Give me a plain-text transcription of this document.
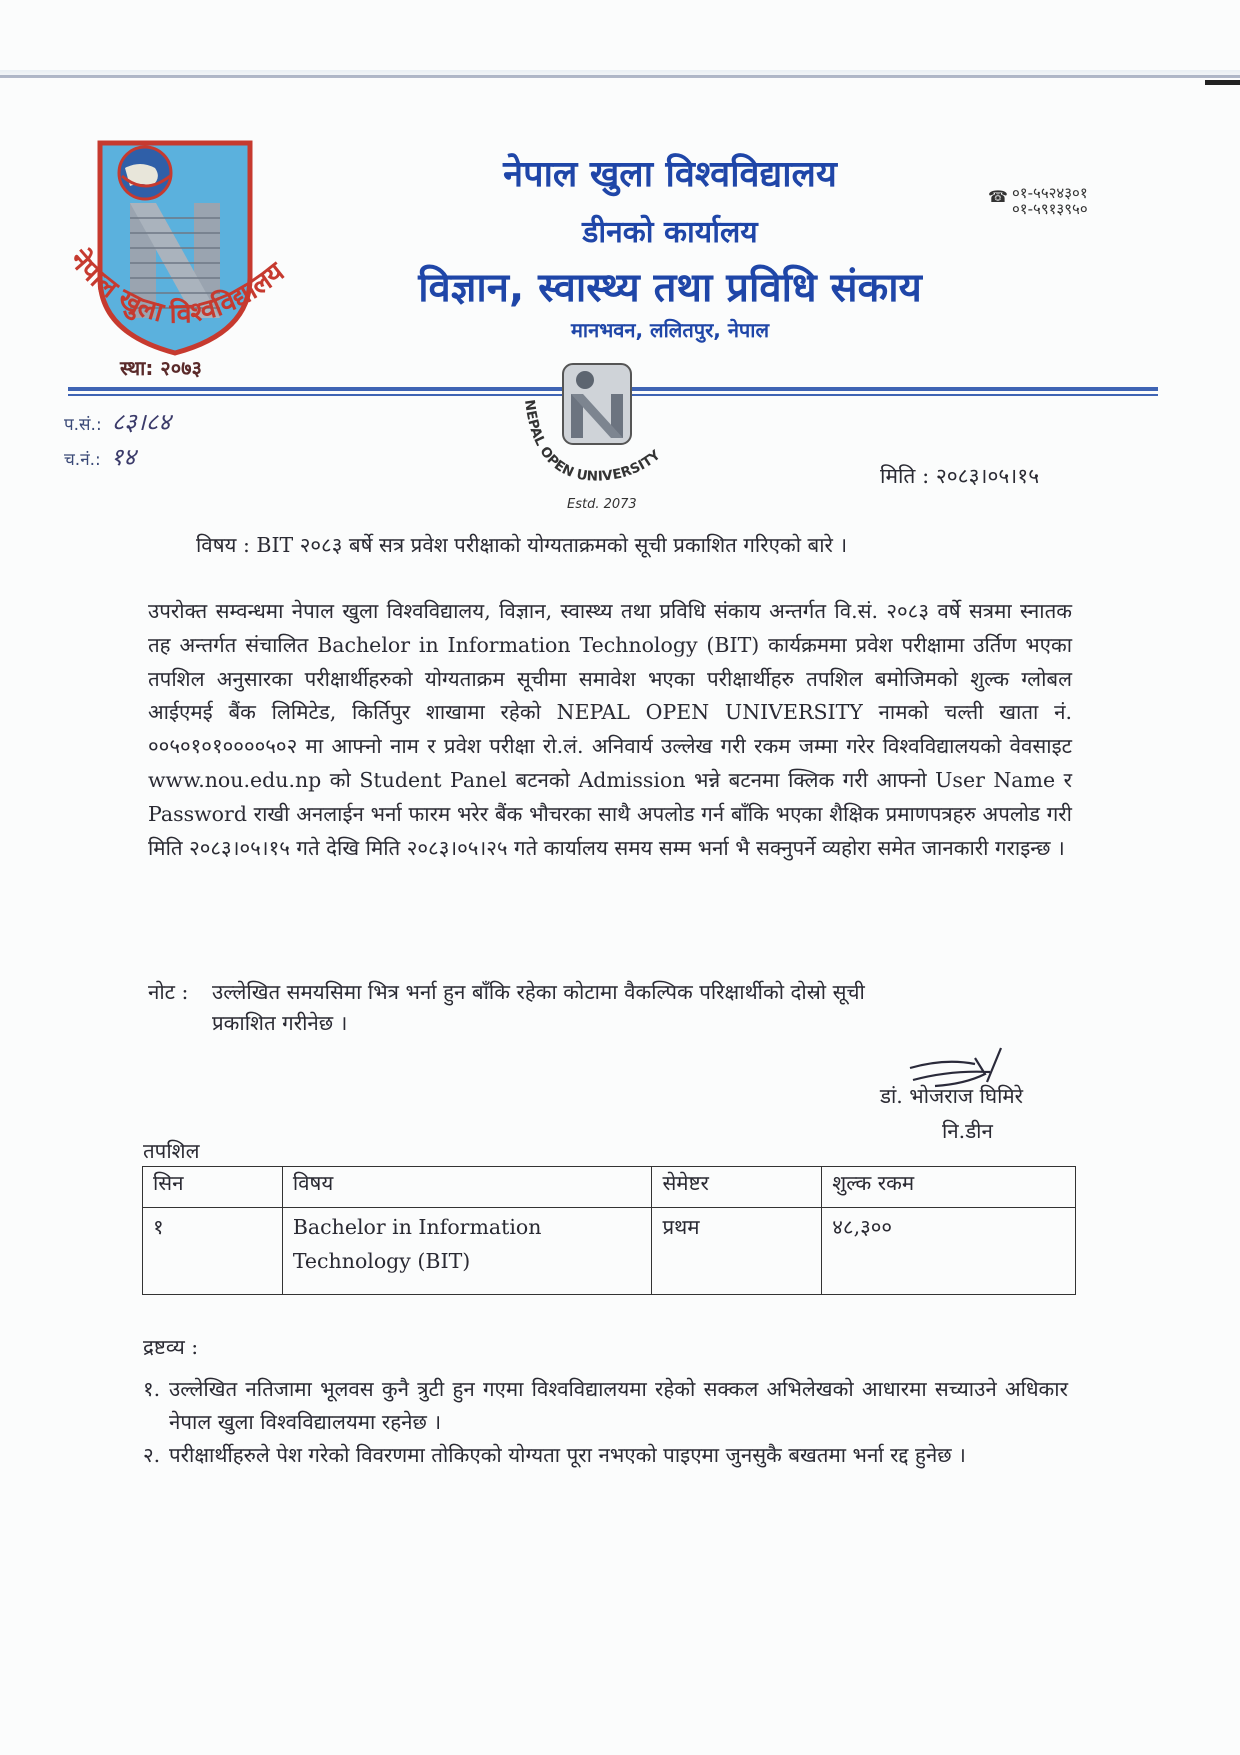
नेपाल खुला विश्वविद्यालय
स्था: २०७३
नेपाल खुला विश्वविद्यालय
डीनको कार्यालय
विज्ञान, स्वास्थ्य तथा प्रविधि संकाय
मानभवन, ललितपुर, नेपाल
☎ ०१-५५२४३०१
०१-५९१३९५०
प.सं.: ८३।८४
च.नं.: १४
NEPAL OPEN UNIVERSITY
Estd. 2073
मिति : २०८३।०५।१५
विषय : BIT २०८३ बर्षे सत्र प्रवेश परीक्षाको योग्यताक्रमको सूची प्रकाशित गरिएको बारे ।
उपरोक्त सम्वन्धमा नेपाल खुला विश्वविद्यालय, विज्ञान, स्वास्थ्य तथा प्रविधि संकाय अन्तर्गत वि.सं. २०८३ वर्षे सत्रमा स्नातक तह अन्तर्गत संचालित Bachelor in Information Technology (BIT) कार्यक्रममा प्रवेश परीक्षामा उर्तिण भएका तपशिल अनुसारका परीक्षार्थीहरुको योग्यताक्रम सूचीमा समावेश भएका परीक्षार्थीहरु तपशिल बमोजिमको शुल्क ग्लोबल आईएमई बैंक लिमिटेड, किर्तिपुर शाखामा रहेको NEPAL OPEN UNIVERSITY नामको चल्ती खाता नं. ००५०१०१००००५०२ मा आफ्नो नाम र प्रवेश परीक्षा रो.लं. अनिवार्य उल्लेख गरी रकम जम्मा गरेर विश्वविद्यालयको वेवसाइट www.nou.edu.np को Student Panel बटनको Admission भन्ने बटनमा क्लिक गरी आफ्नो User Name र Password राखी अनलाईन भर्ना फारम भरेर बैंक भौचरका साथै अपलोड गर्न बाँकि भएका शैक्षिक प्रमाणपत्रहरु अपलोड गरी मिति २०८३।०५।१५ गते देखि मिति २०८३।०५।२५ गते कार्यालय समय सम्म भर्ना भै सक्नुपर्ने व्यहोरा समेत जानकारी गराइन्छ ।
नोट : उल्लेखित समयसिमा भित्र भर्ना हुन बाँकि रहेका कोटामा वैकल्पिक परिक्षार्थीको दोस्रो सूची
प्रकाशित गरीनेछ ।
डां. भोजराज घिमिरे
नि.डीन
तपशिल
सिन	विषय	सेमेष्टर	शुल्क रकम
१	Bachelor in Information Technology (BIT)	प्रथम	४८,३००
द्रष्टव्य :
१. उल्लेखित नतिजामा भूलवस कुनै त्रुटी हुन गएमा विश्वविद्यालयमा रहेको सक्कल अभिलेखको आधारमा सच्याउने अधिकार नेपाल खुला विश्वविद्यालयमा रहनेछ ।
२. परीक्षार्थीहरुले पेश गरेको विवरणमा तोकिएको योग्यता पूरा नभएको पाइएमा जुनसुकै बखतमा भर्ना रद्द हुनेछ ।
